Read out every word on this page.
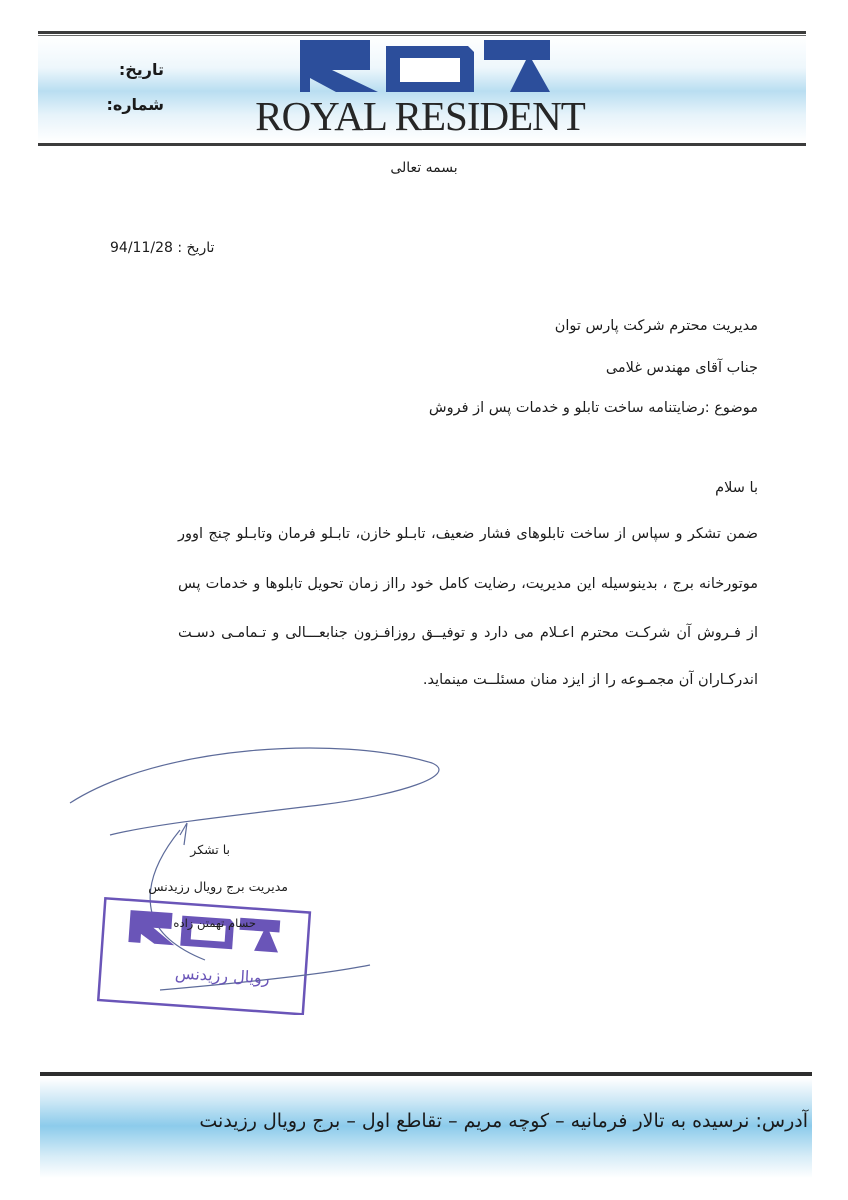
ROYAL RESIDENT
تاریخ:
شماره:
بسمه تعالی
تاریخ : 94/11/28
مدیریت محترم شرکت پارس توان
جناب آقای مهندس غلامی
موضوع :رضایتنامه ساخت تابلو و خدمات پس از فروش
با سلام
ضمن تشکر و سپاس از ساخت تابلوهای فشار ضعیف، تابـلو خازن، تابـلو فرمان وتابـلو چنج اوور
موتورخانه برج ، بدینوسیله این مدیریت، رضایت کامل خود رااز زمان تحویل تابلوها و خدمات پس
از فـروش آن شرکـت محترم اعـلام می دارد و توفیــق روزافـزون جنابعـــالی و تـمامـی دسـت
اندرکـاران آن مجمـوعه را از ایزد منان مسئلــت مینماید.
با تشکر
مدیریت برج رویال رزیدنس
حسام تهمتن زاده
رویال رزیدنس
آدرس: نرسیده به تالار فرمانیه – کوچه مریم – تقاطع اول – برج رویال رزیدنت
